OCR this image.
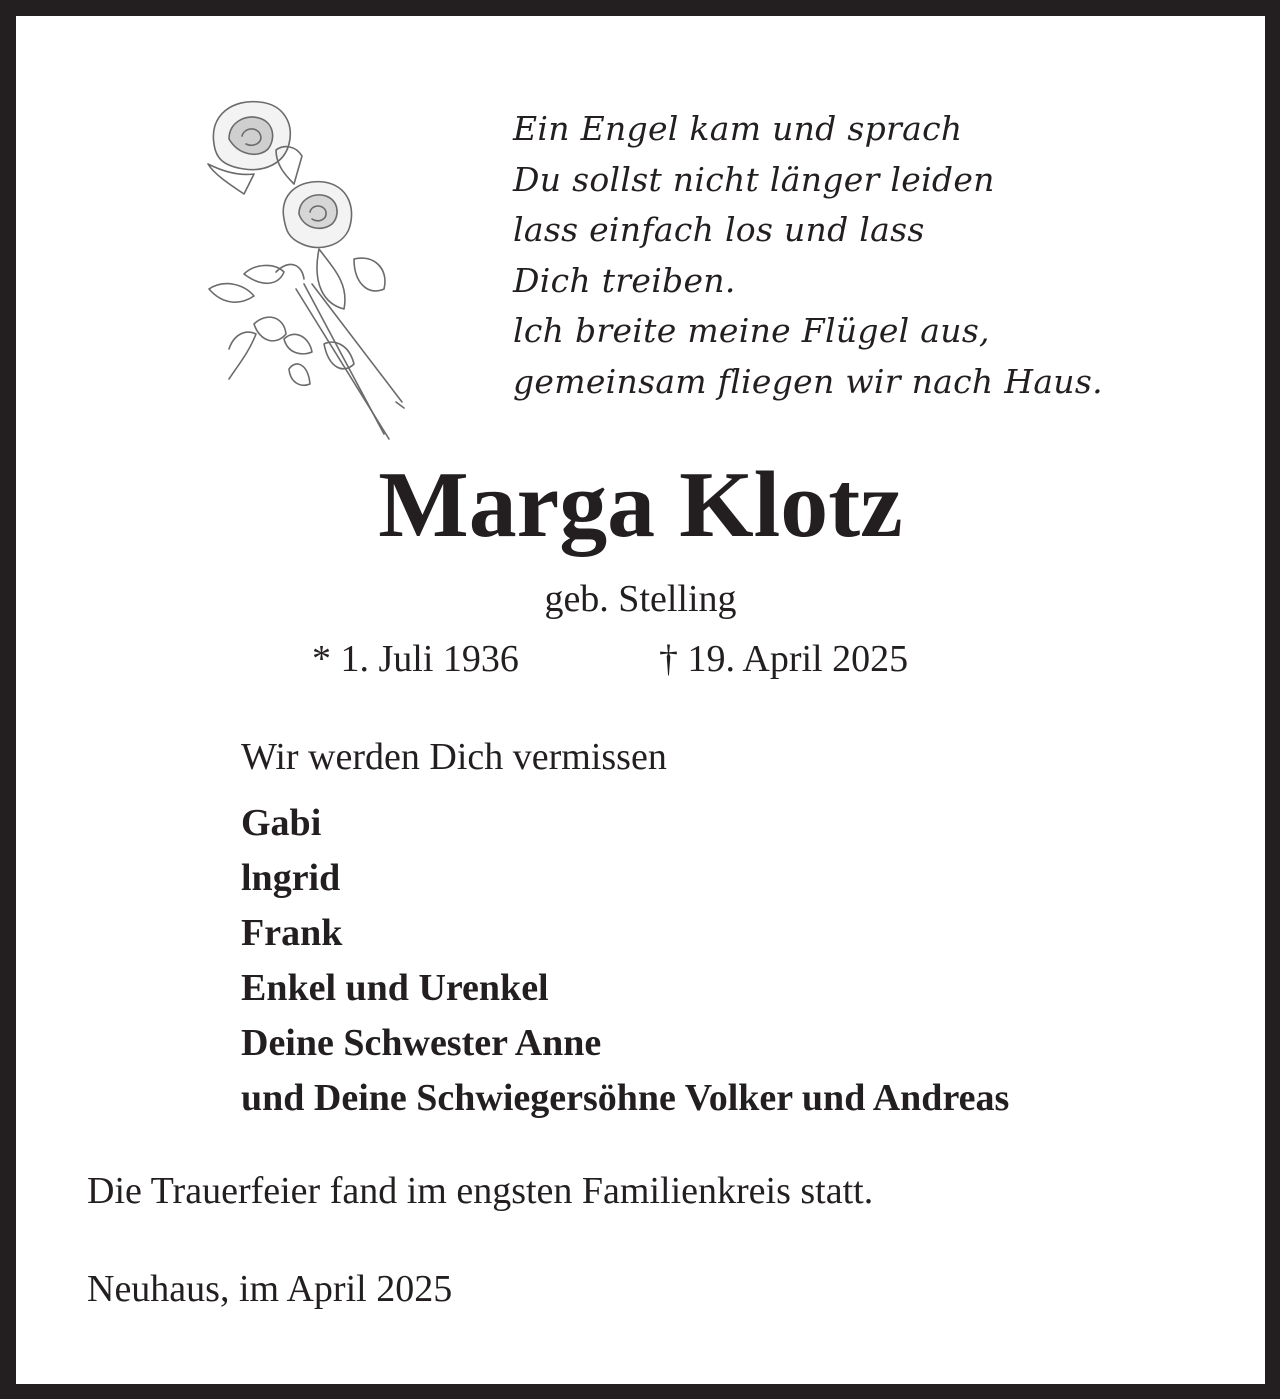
Ein Engel kam und sprach
Du sollst nicht länger leiden
lass einfach los und lass
Dich treiben.
lch breite meine Flügel aus,
gemeinsam fliegen wir nach Haus.
Marga Klotz
geb. Stelling
* 1. Juli 1936	† 19. April 2025
Wir werden Dich vermissen
Gabi
lngrid
Frank
Enkel und Urenkel
Deine Schwester Anne
und Deine Schwiegersöhne Volker und Andreas
Die Trauerfeier fand im engsten Familienkreis statt.
Neuhaus, im April 2025
